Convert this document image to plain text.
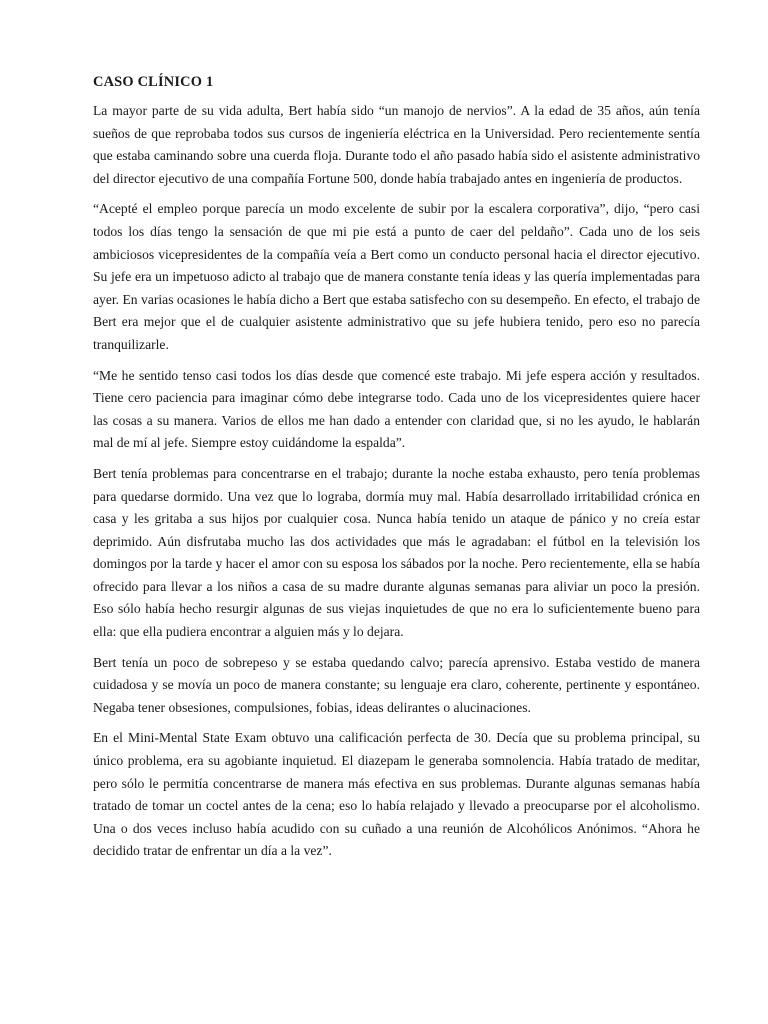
CASO CLÍNICO 1

La mayor parte de su vida adulta, Bert había sido “un manojo de nervios”. A la edad de 35 años, aún tenía sueños de que reprobaba todos sus cursos de ingeniería eléctrica en la Universidad. Pero recientemente sentía que estaba caminando sobre una cuerda floja. Durante todo el año pasado había sido el asistente administrativo del director ejecutivo de una compañía Fortune 500, donde había trabajado antes en ingeniería de productos.

“Acepté el empleo porque parecía un modo excelente de subir por la escalera corporativa”, dijo, “pero casi todos los días tengo la sensación de que mi pie está a punto de caer del peldaño”. Cada uno de los seis ambiciosos vicepresidentes de la compañía veía a Bert como un conducto personal hacia el director ejecutivo. Su jefe era un impetuoso adicto al trabajo que de manera constante tenía ideas y las quería implementadas para ayer. En varias ocasiones le había dicho a Bert que estaba satisfecho con su desempeño. En efecto, el trabajo de Bert era mejor que el de cualquier asistente administrativo que su jefe hubiera tenido, pero eso no parecía tranquilizarle.

“Me he sentido tenso casi todos los días desde que comencé este trabajo. Mi jefe espera acción y resultados. Tiene cero paciencia para imaginar cómo debe integrarse todo. Cada uno de los vicepresidentes quiere hacer las cosas a su manera. Varios de ellos me han dado a entender con claridad que, si no les ayudo, le hablarán mal de mí al jefe. Siempre estoy cuidándome la espalda”.

Bert tenía problemas para concentrarse en el trabajo; durante la noche estaba exhausto, pero tenía problemas para quedarse dormido. Una vez que lo lograba, dormía muy mal. Había desarrollado irritabilidad crónica en casa y les gritaba a sus hijos por cualquier cosa. Nunca había tenido un ataque de pánico y no creía estar deprimido. Aún disfrutaba mucho las dos actividades que más le agradaban: el fútbol en la televisión los domingos por la tarde y hacer el amor con su esposa los sábados por la noche. Pero recientemente, ella se había ofrecido para llevar a los niños a casa de su madre durante algunas semanas para aliviar un poco la presión. Eso sólo había hecho resurgir algunas de sus viejas inquietudes de que no era lo suficientemente bueno para ella: que ella pudiera encontrar a alguien más y lo dejara.

Bert tenía un poco de sobrepeso y se estaba quedando calvo; parecía aprensivo. Estaba vestido de manera cuidadosa y se movía un poco de manera constante; su lenguaje era claro, coherente, pertinente y espontáneo. Negaba tener obsesiones, compulsiones, fobias, ideas delirantes o alucinaciones.

En el Mini-Mental State Exam obtuvo una calificación perfecta de 30. Decía que su problema principal, su único problema, era su agobiante inquietud. El diazepam le generaba somnolencia. Había tratado de meditar, pero sólo le permitía concentrarse de manera más efectiva en sus problemas. Durante algunas semanas había tratado de tomar un coctel antes de la cena; eso lo había relajado y llevado a preocuparse por el alcoholismo. Una o dos veces incluso había acudido con su cuñado a una reunión de Alcohólicos Anónimos. “Ahora he decidido tratar de enfrentar un día a la vez”.
